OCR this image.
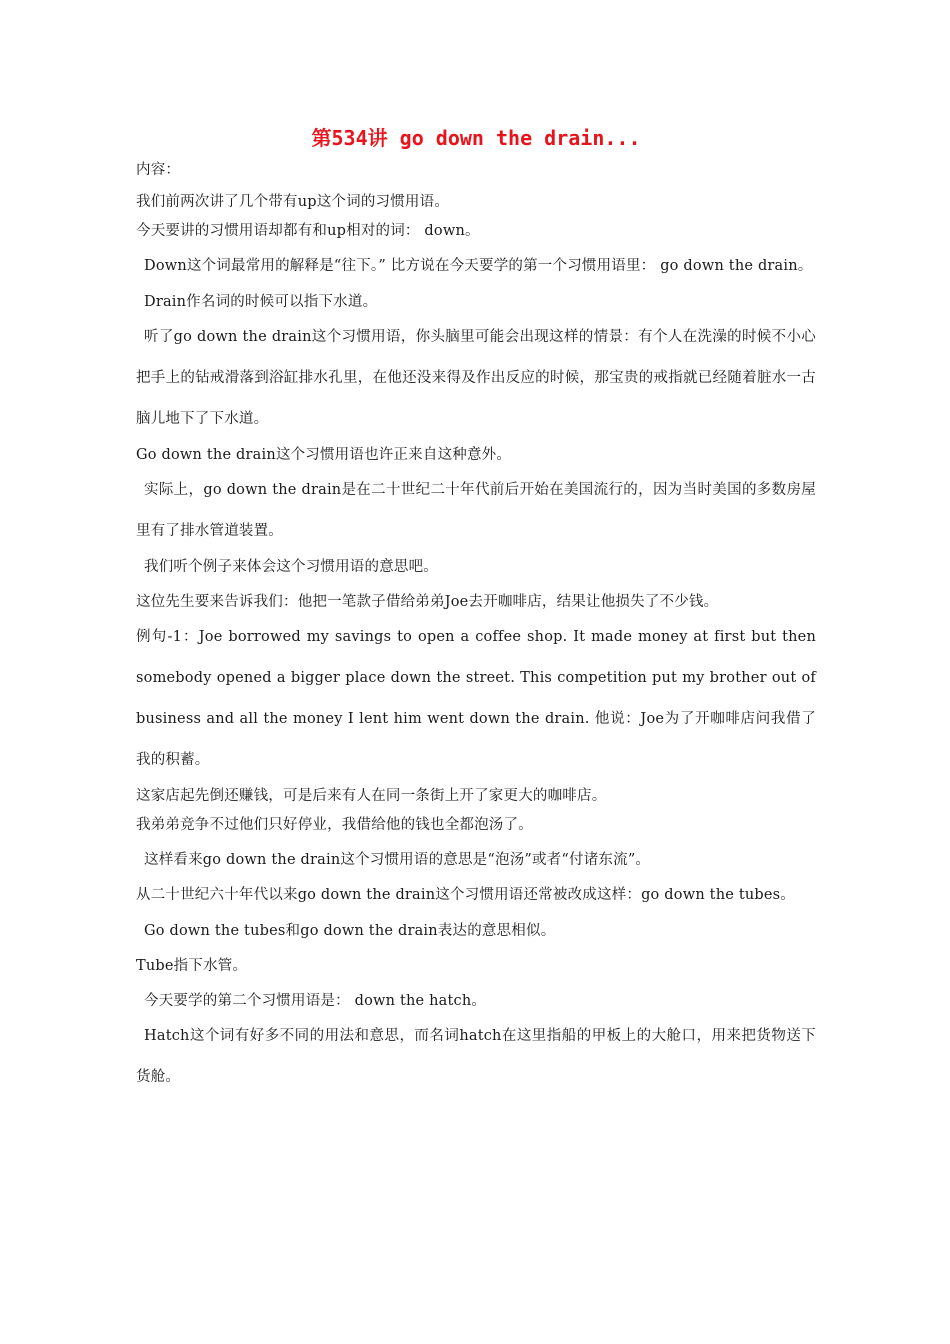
第534讲 go down the drain...

内容：

我们前两次讲了几个带有up这个词的习惯用语。

今天要讲的习惯用语却都有和up相对的词： down。

Down这个词最常用的解释是“往下。” 比方说在今天要学的第一个习惯用语里： go down the drain。

Drain作名词的时候可以指下水道。

听了go down the drain这个习惯用语，你头脑里可能会出现这样的情景：有个人在洗澡的时候不小心把手上的钻戒滑落到浴缸排水孔里，在他还没来得及作出反应的时候，那宝贵的戒指就已经随着脏水一古脑儿地下了下水道。

Go down the drain这个习惯用语也许正来自这种意外。

实际上，go down the drain是在二十世纪二十年代前后开始在美国流行的，因为当时美国的多数房屋里有了排水管道装置。

我们听个例子来体会这个习惯用语的意思吧。

这位先生要来告诉我们：他把一笔款子借给弟弟Joe去开咖啡店，结果让他损失了不少钱。

例句-1：Joe borrowed my savings to open a coffee shop. It made money at first but then somebody opened a bigger place down the street. This competition put my brother out of business and all the money I lent him went down the drain. 他说：Joe为了开咖啡店问我借了我的积蓄。

这家店起先倒还赚钱，可是后来有人在同一条街上开了家更大的咖啡店。

我弟弟竞争不过他们只好停业，我借给他的钱也全都泡汤了。

这样看来go down the drain这个习惯用语的意思是“泡汤”或者“付诸东流”。

从二十世纪六十年代以来go down the drain这个习惯用语还常被改成这样：go down the tubes。

Go down the tubes和go down the drain表达的意思相似。

Tube指下水管。

今天要学的第二个习惯用语是： down the hatch。

Hatch这个词有好多不同的用法和意思，而名词hatch在这里指船的甲板上的大舱口，用来把货物送下货舱。
